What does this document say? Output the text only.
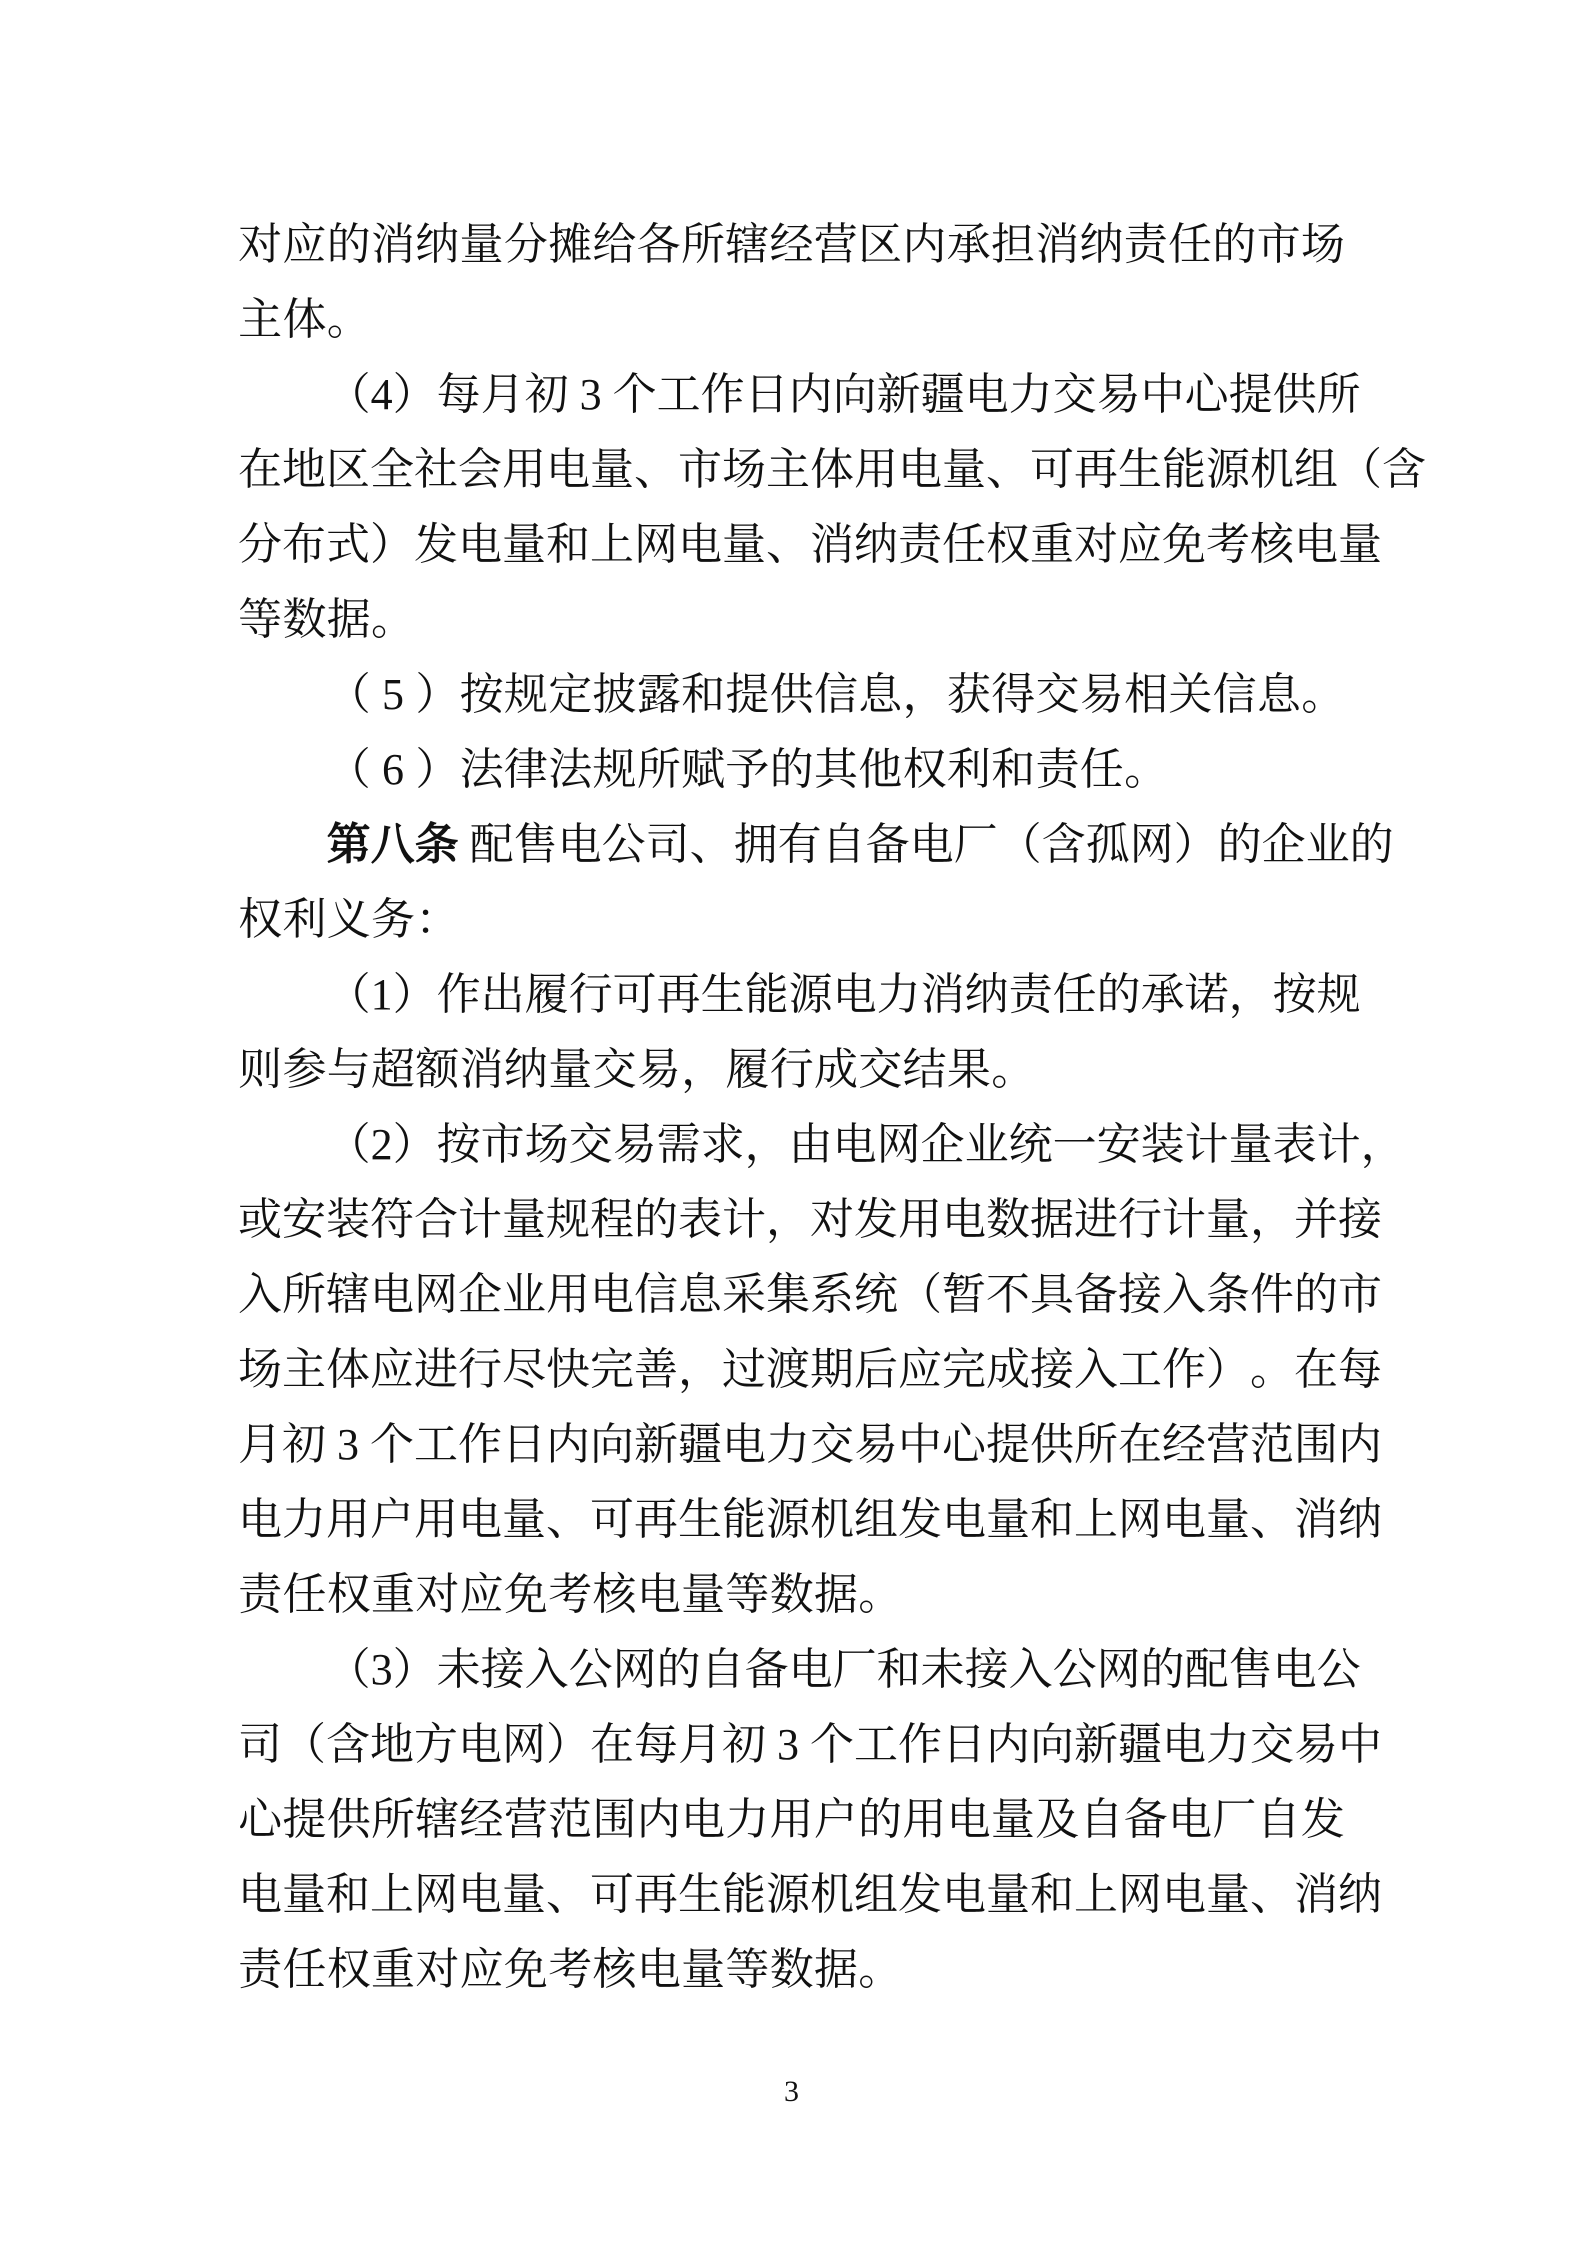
对 应 的 消 纳 量 分 摊 给 各 所 辖 经 营 区 内 承 担 消 纳 责 任 的 市 场
主 体 。
（ 4 ） 每 月 初
3
个 工 作 日 内 向 新 疆 电 力 交 易 中 心 提 供 所
在 地 区 全 社 会 用 电 量 、 市 场 主 体 用 电 量 、 可 再 生 能 源 机 组 （ 含
分 布 式 ） 发 电 量 和 上 网 电 量 、 消 纳 责 任 权 重 对 应 免 考 核 电 量
等 数 据 。
（ 5 ） 按 规 定 披 露 和 提 供 信 息 ， 获 得 交 易 相 关 信 息 。
（ 6 ） 法 律 法 规 所 赋 予 的 其 他 权 利 和 责 任 。
第 八 条
配 售 电 公 司 、 拥 有 自 备 电 厂 （ 含 孤 网 ） 的 企 业 的
权 利 义 务 ：
（ 1 ） 作 出 履 行 可 再 生 能 源 电 力 消 纳 责 任 的 承 诺 ， 按 规
则 参 与 超 额 消 纳 量 交 易 ， 履 行 成 交 结 果 。
（ 2 ） 按 市 场 交 易 需 求 ， 由 电 网 企 业 统 一 安 装 计 量 表 计 ，
或 安 装 符 合 计 量 规 程 的 表 计 ， 对 发 用 电 数 据 进 行 计 量 ， 并 接
入 所 辖 电 网 企 业 用 电 信 息 采 集 系 统 （ 暂 不 具 备 接 入 条 件 的 市
场 主 体 应 进 行 尽 快 完 善 ， 过 渡 期 后 应 完 成 接 入 工 作 ） 。 在 每
月 初
3
个 工 作 日 内 向 新 疆 电 力 交 易 中 心 提 供 所 在 经 营 范 围 内
电 力 用 户 用 电 量 、 可 再 生 能 源 机 组 发 电 量 和 上 网 电 量 、 消 纳
责 任 权 重 对 应 免 考 核 电 量 等 数 据 。
（ 3 ） 未 接 入 公 网 的 自 备 电 厂 和 未 接 入 公 网 的 配 售 电 公
司 （ 含 地 方 电 网 ） 在 每 月 初
3
个 工 作 日 内 向 新 疆 电 力 交 易 中
心 提 供 所 辖 经 营 范 围 内 电 力 用 户 的 用 电 量 及 自 备 电 厂 自 发
电 量 和 上 网 电 量 、 可 再 生 能 源 机 组 发 电 量 和 上 网 电 量 、 消 纳
责 任 权 重 对 应 免 考 核 电 量 等 数 据 。
3
